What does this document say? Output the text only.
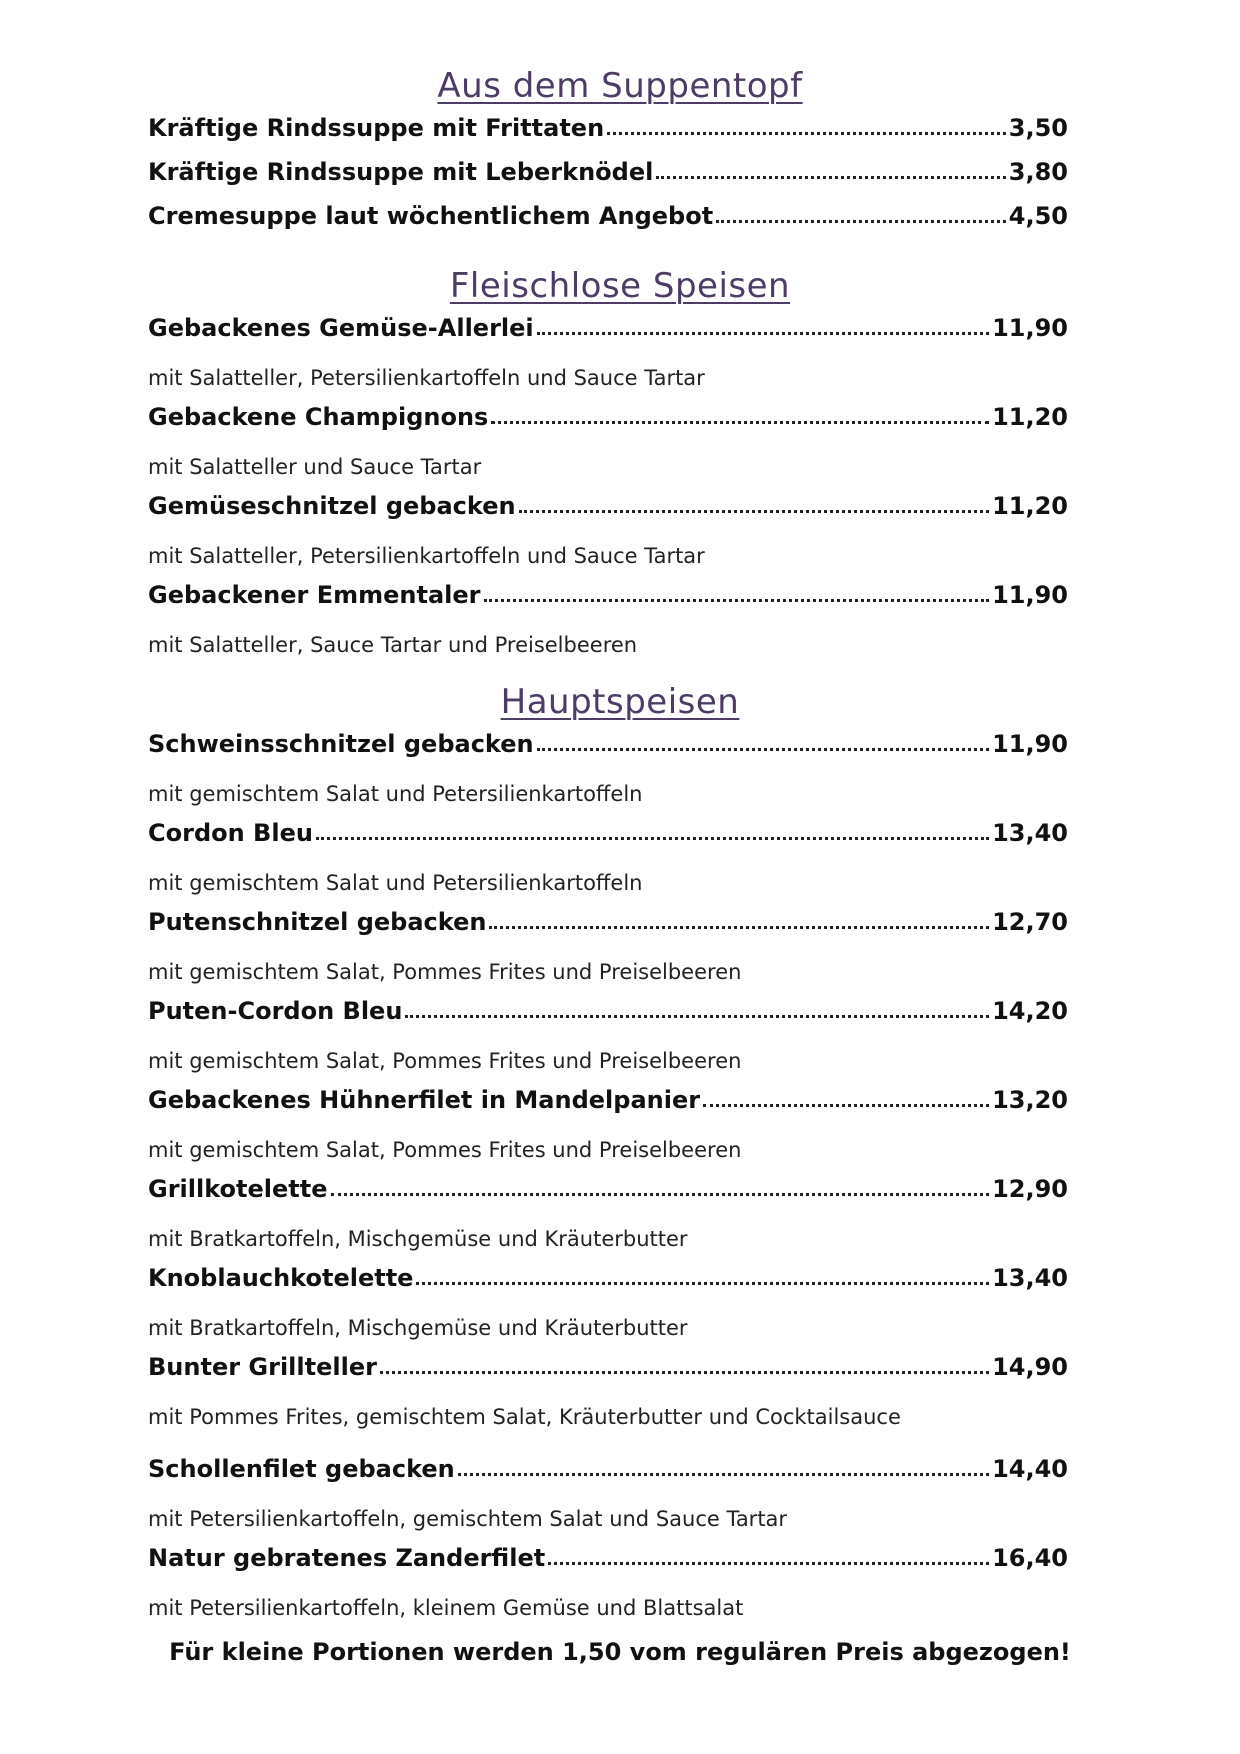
Aus dem Suppentopf
Kräftige Rindssuppe mit Frittaten	3,50
Kräftige Rindssuppe mit Leberknödel	3,80
Cremesuppe laut wöchentlichem Angebot	4,50
Fleischlose Speisen
Gebackenes Gemüse-Allerlei	11,90
mit Salatteller, Petersilienkartoffeln und Sauce Tartar
Gebackene Champignons	11,20
mit Salatteller und Sauce Tartar
Gemüseschnitzel gebacken	11,20
mit Salatteller, Petersilienkartoffeln und Sauce Tartar
Gebackener Emmentaler	11,90
mit Salatteller, Sauce Tartar und Preiselbeeren
Hauptspeisen
Schweinsschnitzel gebacken	11,90
mit gemischtem Salat und Petersilienkartoffeln
Cordon Bleu	13,40
mit gemischtem Salat und Petersilienkartoffeln
Putenschnitzel gebacken	12,70
mit gemischtem Salat, Pommes Frites und Preiselbeeren
Puten-Cordon Bleu	14,20
mit gemischtem Salat, Pommes Frites und Preiselbeeren
Gebackenes Hühnerfilet in Mandelpanier	13,20
mit gemischtem Salat, Pommes Frites und Preiselbeeren
Grillkotelette	12,90
mit Bratkartoffeln, Mischgemüse und Kräuterbutter
Knoblauchkotelette	13,40
mit Bratkartoffeln, Mischgemüse und Kräuterbutter
Bunter Grillteller	14,90
mit Pommes Frites, gemischtem Salat, Kräuterbutter und Cocktailsauce
Schollenfilet gebacken	14,40
mit Petersilienkartoffeln, gemischtem Salat und Sauce Tartar
Natur gebratenes Zanderfilet	16,40
mit Petersilienkartoffeln, kleinem Gemüse und Blattsalat
Für kleine Portionen werden 1,50 vom regulären Preis abgezogen!
